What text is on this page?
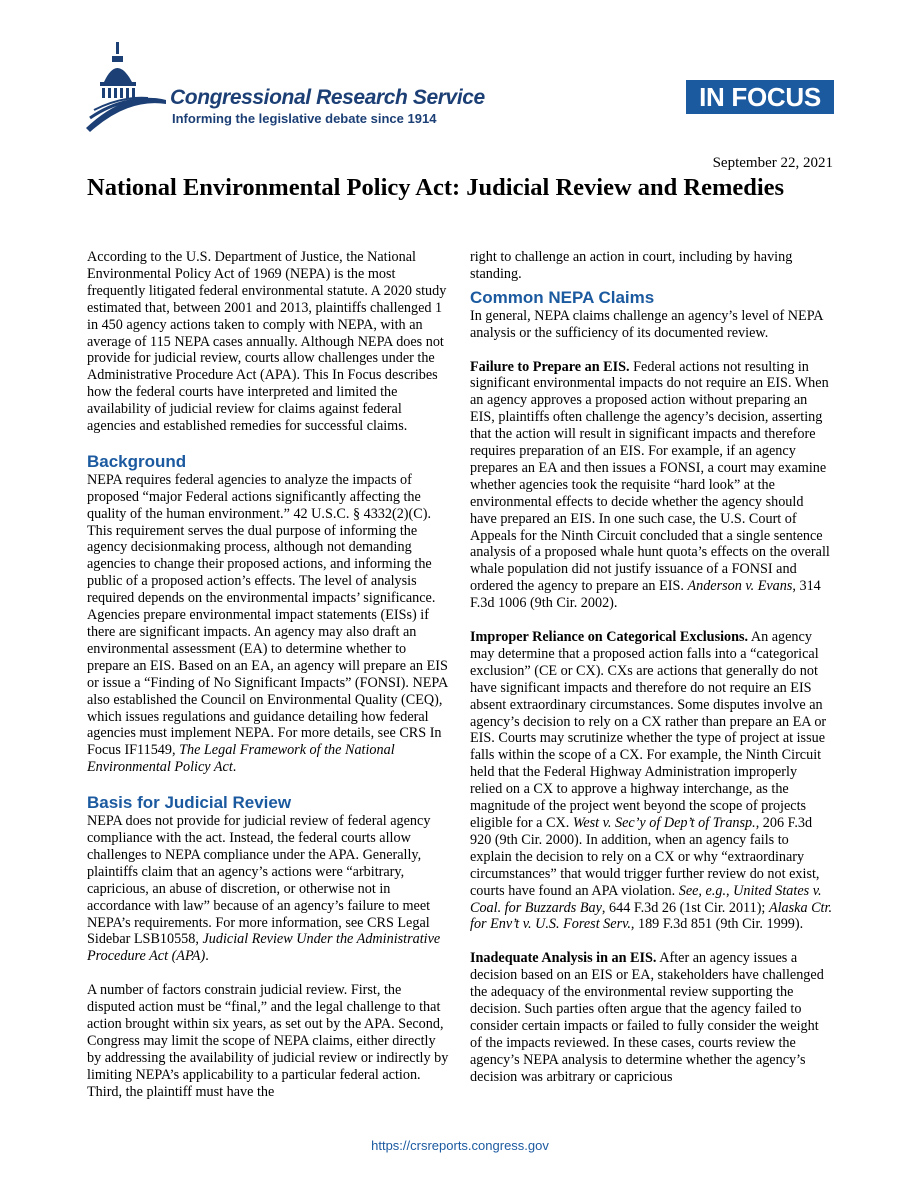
Congressional Research Service
Informing the legislative debate since 1914
IN FOCUS
September 22, 2021
National Environmental Policy Act: Judicial Review and Remedies

According to the U.S. Department of Justice, the National Environmental Policy Act of 1969 (NEPA) is the most frequently litigated federal environmental statute. A 2020 study estimated that, between 2001 and 2013, plaintiffs challenged 1 in 450 agency actions taken to comply with NEPA, with an average of 115 NEPA cases annually. Although NEPA does not provide for judicial review, courts allow challenges under the Administrative Procedure Act (APA). This In Focus describes how the federal courts have interpreted and limited the availability of judicial review for claims against federal agencies and established remedies for successful claims.

Background

NEPA requires federal agencies to analyze the impacts of proposed “major Federal actions significantly affecting the quality of the human environment.” 42 U.S.C. § 4332(2)(C). This requirement serves the dual purpose of informing the agency decisionmaking process, although not demanding agencies to change their proposed actions, and informing the public of a proposed action’s effects. The level of analysis required depends on the environmental impacts’ significance. Agencies prepare environmental impact statements (EISs) if there are significant impacts. An agency may also draft an environmental assessment (EA) to determine whether to prepare an EIS. Based on an EA, an agency will prepare an EIS or issue a “Finding of No Significant Impacts” (FONSI). NEPA also established the Council on Environmental Quality (CEQ), which issues regulations and guidance detailing how federal agencies must implement NEPA. For more details, see CRS In Focus IF11549, The Legal Framework of the National Environmental Policy Act.

Basis for Judicial Review

NEPA does not provide for judicial review of federal agency compliance with the act. Instead, the federal courts allow challenges to NEPA compliance under the APA. Generally, plaintiffs claim that an agency’s actions were “arbitrary, capricious, an abuse of discretion, or otherwise not in accordance with law” because of an agency’s failure to meet NEPA’s requirements. For more information, see CRS Legal Sidebar LSB10558, Judicial Review Under the Administrative Procedure Act (APA).

A number of factors constrain judicial review. First, the disputed action must be “final,” and the legal challenge to that action brought within six years, as set out by the APA. Second, Congress may limit the scope of NEPA claims, either directly by addressing the availability of judicial review or indirectly by limiting NEPA’s applicability to a particular federal action. Third, the plaintiff must have the

right to challenge an action in court, including by having standing.

Common NEPA Claims

In general, NEPA claims challenge an agency’s level of NEPA analysis or the sufficiency of its documented review.

Failure to Prepare an EIS. Federal actions not resulting in significant environmental impacts do not require an EIS. When an agency approves a proposed action without preparing an EIS, plaintiffs often challenge the agency’s decision, asserting that the action will result in significant impacts and therefore requires preparation of an EIS. For example, if an agency prepares an EA and then issues a FONSI, a court may examine whether agencies took the requisite “hard look” at the environmental effects to decide whether the agency should have prepared an EIS. In one such case, the U.S. Court of Appeals for the Ninth Circuit concluded that a single sentence analysis of a proposed whale hunt quota’s effects on the overall whale population did not justify issuance of a FONSI and ordered the agency to prepare an EIS. Anderson v. Evans, 314 F.3d 1006 (9th Cir. 2002).

Improper Reliance on Categorical Exclusions. An agency may determine that a proposed action falls into a “categorical exclusion” (CE or CX). CXs are actions that generally do not have significant impacts and therefore do not require an EIS absent extraordinary circumstances. Some disputes involve an agency’s decision to rely on a CX rather than prepare an EA or EIS. Courts may scrutinize whether the type of project at issue falls within the scope of a CX. For example, the Ninth Circuit held that the Federal Highway Administration improperly relied on a CX to approve a highway interchange, as the magnitude of the project went beyond the scope of projects eligible for a CX. West v. Sec’y of Dep’t of Transp., 206 F.3d 920 (9th Cir. 2000). In addition, when an agency fails to explain the decision to rely on a CX or why “extraordinary circumstances” that would trigger further review do not exist, courts have found an APA violation. See, e.g., United States v. Coal. for Buzzards Bay, 644 F.3d 26 (1st Cir. 2011); Alaska Ctr. for Env’t v. U.S. Forest Serv., 189 F.3d 851 (9th Cir. 1999).

Inadequate Analysis in an EIS. After an agency issues a decision based on an EIS or EA, stakeholders have challenged the adequacy of the environmental review supporting the decision. Such parties often argue that the agency failed to consider certain impacts or failed to fully consider the weight of the impacts reviewed. In these cases, courts review the agency’s NEPA analysis to determine whether the agency’s decision was arbitrary or capricious

https://crsreports.congress.gov
